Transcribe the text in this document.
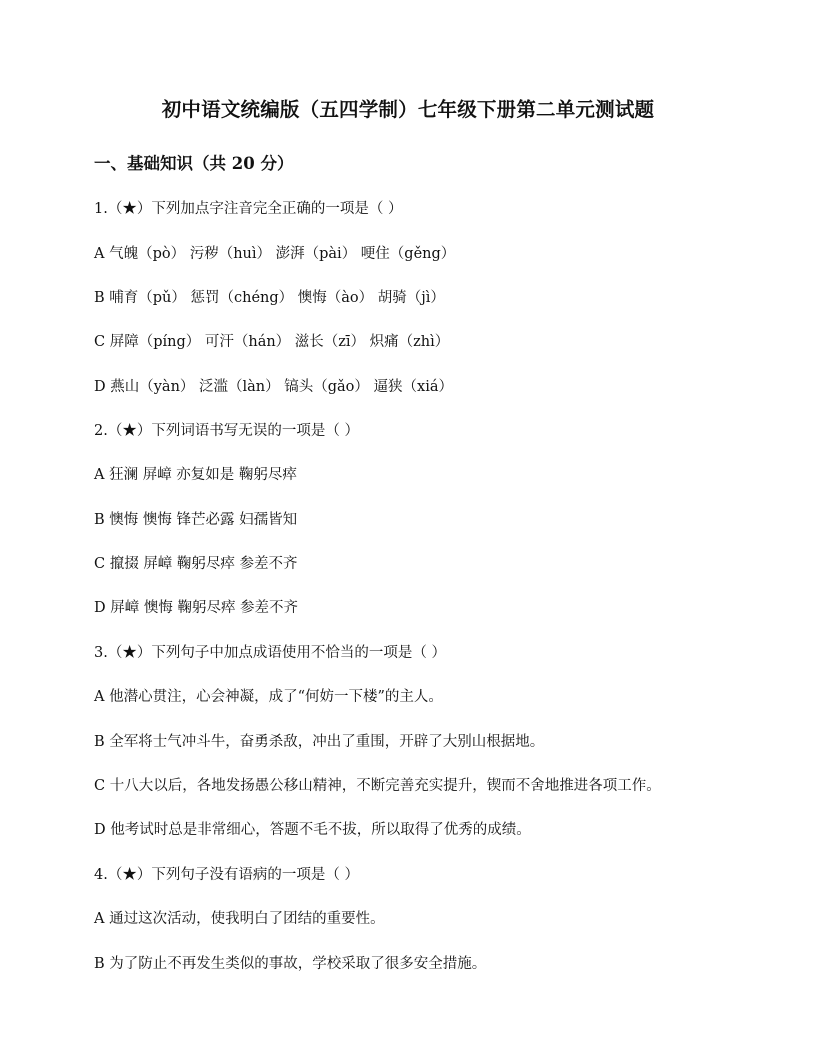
初中语文统编版（五四学制）七年级下册第二单元测试题
一、基础知识（共 20 分）
1.（★）下列加点字注音完全正确的一项是（ ）
A 气魄（pò） 污秽（huì） 澎湃（pài） 哽住（gěng）
B 哺育（pǔ） 惩罚（chéng） 懊悔（ào） 胡骑（jì）
C 屏障（píng） 可汗（hán） 滋长（zī） 炽痛（zhì）
D 燕山（yàn） 泛滥（làn） 镐头（gǎo） 逼狭（xiá）
2.（★）下列词语书写无误的一项是（ ）
A 狂澜 屏嶂 亦复如是 鞠躬尽瘁
B 懊悔 懊悔 锋芒必露 妇孺皆知
C 攛掇 屏嶂 鞠躬尽瘁 参差不齐
D 屏嶂 懊悔 鞠躬尽瘁 参差不齐
3.（★）下列句子中加点成语使用不恰当的一项是（ ）
A 他潜心贯注，心会神凝，成了“何妨一下楼”的主人。
B 全军将士气冲斗牛，奋勇杀敌，冲出了重围，开辟了大别山根据地。
C 十八大以后，各地发扬愚公移山精神，不断完善充实提升，锲而不舍地推进各项工作。
D 他考试时总是非常细心，答题不毛不拔，所以取得了优秀的成绩。
4.（★）下列句子没有语病的一项是（ ）
A 通过这次活动，使我明白了团结的重要性。
B 为了防止不再发生类似的事故，学校采取了很多安全措施。
